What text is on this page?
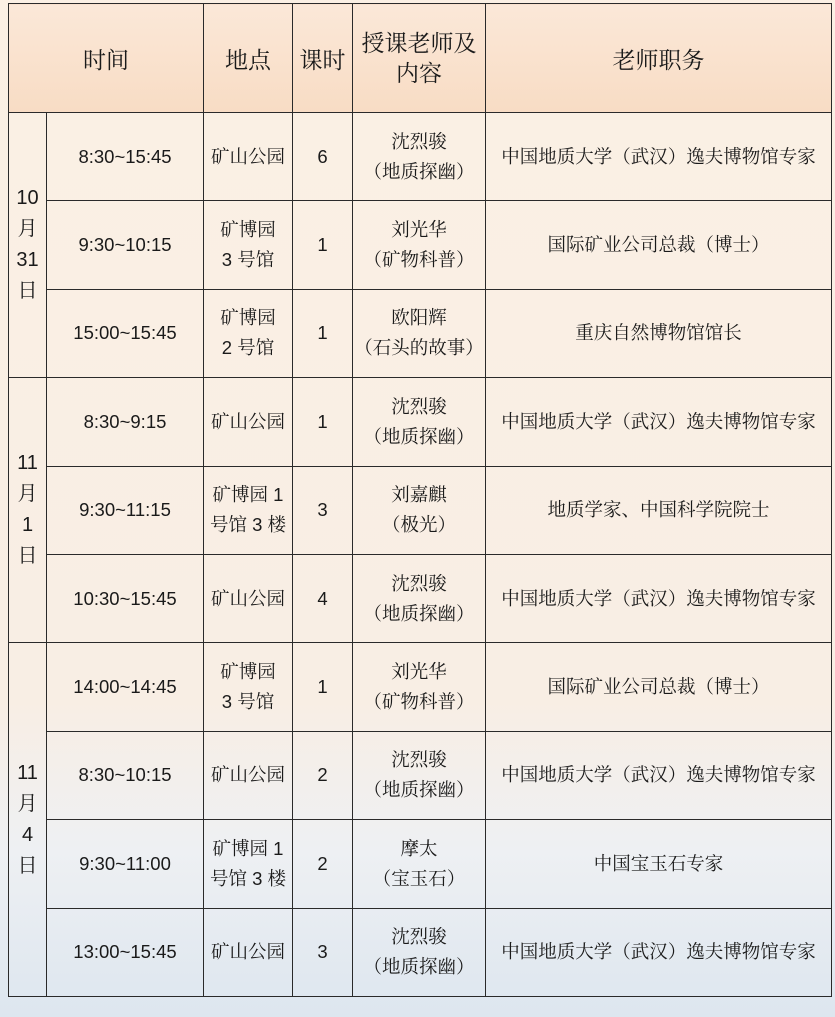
时间		地点	课时	授课老师及
内容	老师职务

10
月
31
日	8:30~15:45	矿山公园	6	沈烈骏
（地质探幽）	中国地质大学（武汉）逸夫博物馆专家
	9:30~10:15	矿博园
3 号馆	1	刘光华
（矿物科普）	国际矿业公司总裁（博士）
	15:00~15:45	矿博园
2 号馆	1	欧阳辉
（石头的故事）	重庆自然博物馆馆长

11
月
1
日	8:30~9:15	矿山公园	1	沈烈骏
（地质探幽）	中国地质大学（武汉）逸夫博物馆专家
	9:30~11:15	矿博园 1
号馆 3 楼	3	刘嘉麒
（极光）	地质学家、中国科学院院士
	10:30~15:45	矿山公园	4	沈烈骏
（地质探幽）	中国地质大学（武汉）逸夫博物馆专家

11
月
4
日	14:00~14:45	矿博园
3 号馆	1	刘光华
（矿物科普）	国际矿业公司总裁（博士）
	8:30~10:15	矿山公园	2	沈烈骏
（地质探幽）	中国地质大学（武汉）逸夫博物馆专家
	9:30~11:00	矿博园 1
号馆 3 楼	2	摩太
（宝玉石）	中国宝玉石专家
	13:00~15:45	矿山公园	3	沈烈骏
（地质探幽）	中国地质大学（武汉）逸夫博物馆专家
